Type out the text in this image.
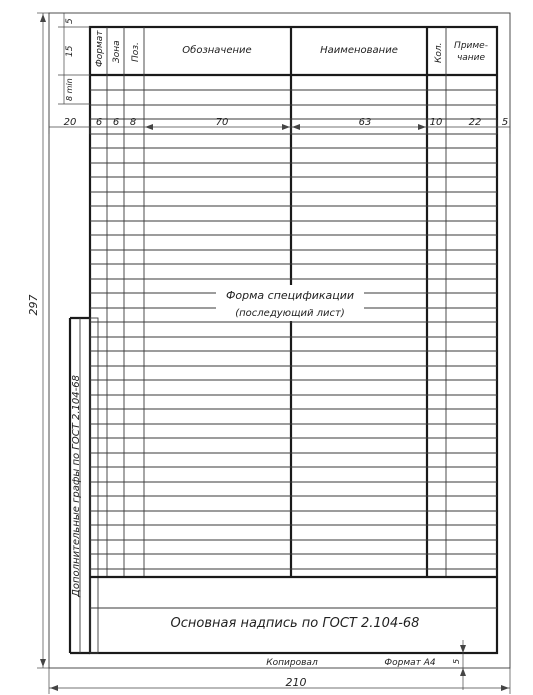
Формат Зона Поз.	Обозначение	Наименование	Кол. Приме-
чание
Форма спецификации
(последующий лист)
Дополнительные графы по ГОСТ 2.104-68
Основная надпись по ГОСТ 2.104-68
Копировал	Формат А4
5
15
8 min
20 6 6 8	70	63	10	22 5
297
210
5
